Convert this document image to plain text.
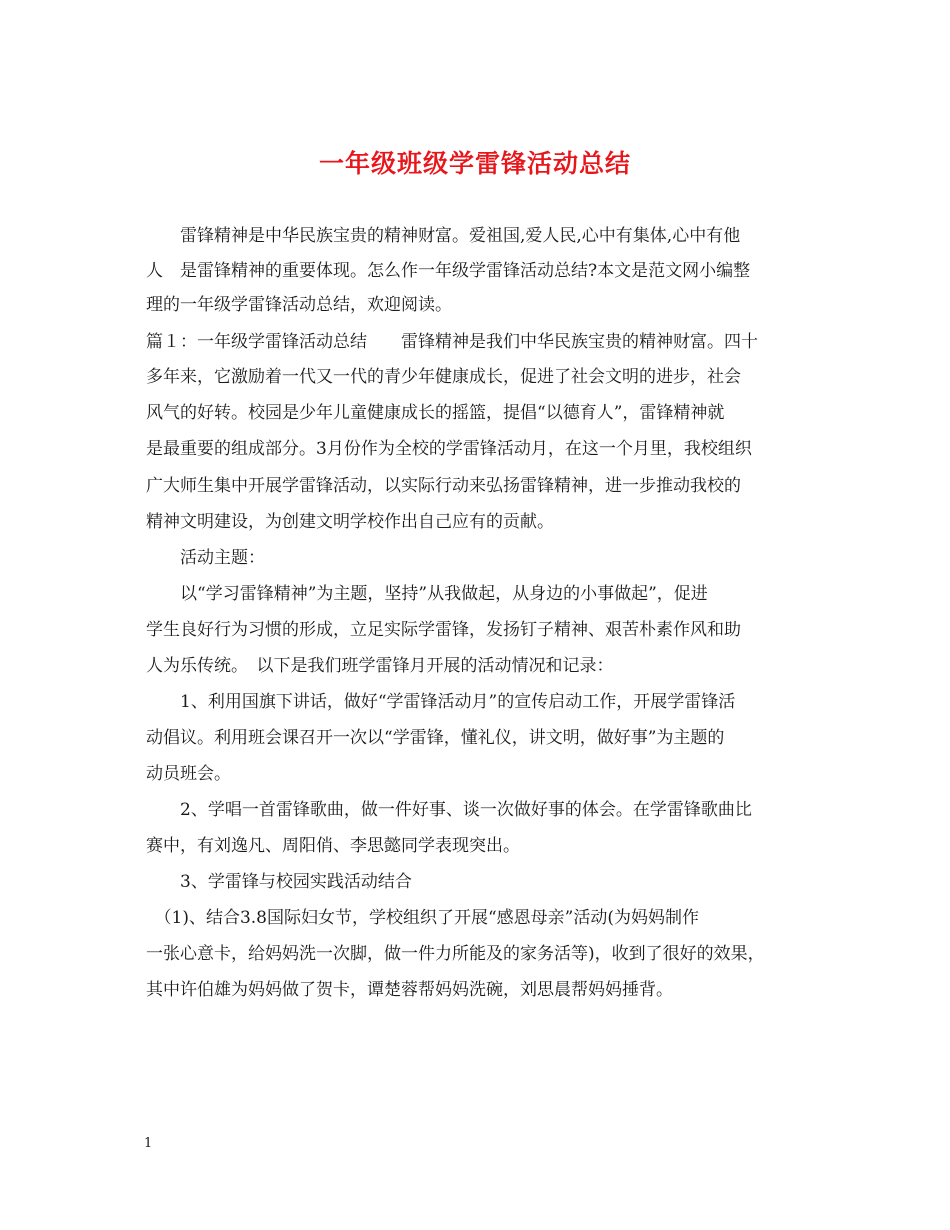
一年级班级学雷锋活动总结
　　雷锋精神是中华民族宝贵的精神财富。爱祖国,爱人民,心中有集体,心中有他
人　是雷锋精神的重要体现。怎么作一年级学雷锋活动总结?本文是范文网小编整
理的一年级学雷锋活动总结，欢迎阅读。
篇１：一年级学雷锋活动总结　　雷锋精神是我们中华民族宝贵的精神财富。四十
多年来，它激励着一代又一代的青少年健康成长，促进了社会文明的进步，社会
风气的好转。校园是少年儿童健康成长的摇篮，提倡“以德育人”，雷锋精神就
是最重要的组成部分。3月份作为全校的学雷锋活动月，在这一个月里，我校组织
广大师生集中开展学雷锋活动，以实际行动来弘扬雷锋精神，进一步推动我校的
精神文明建设，为创建文明学校作出自己应有的贡献。
　　活动主题：
　　以“学习雷锋精神”为主题，坚持”从我做起，从身边的小事做起”，促进
学生良好行为习惯的形成，立足实际学雷锋，发扬钉子精神、艰苦朴素作风和助
人为乐传统。　以下是我们班学雷锋月开展的活动情况和记录：
　　1、利用国旗下讲话，做好“学雷锋活动月”的宣传启动工作，开展学雷锋活
动倡议。利用班会课召开一次以“学雷锋，懂礼仪，讲文明，做好事”为主题的
动员班会。
　　2、学唱一首雷锋歌曲，做一件好事、谈一次做好事的体会。在学雷锋歌曲比
赛中，有刘逸凡、周阳俏、李思懿同学表现突出。
　　3、学雷锋与校园实践活动结合
　（1)、结合3.8国际妇女节，学校组织了开展“感恩母亲”活动(为妈妈制作
一张心意卡，给妈妈洗一次脚，做一件力所能及的家务活等)，收到了很好的效果，
其中许伯雄为妈妈做了贺卡，谭楚蓉帮妈妈洗碗，刘思晨帮妈妈捶背。
1
